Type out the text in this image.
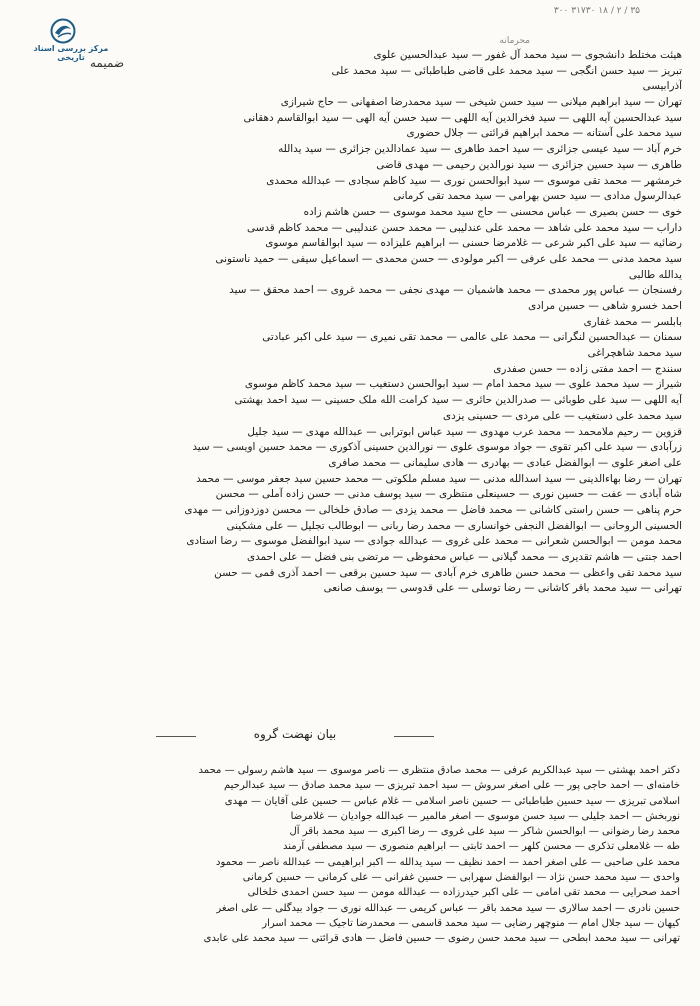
مرکز بررسی اسناد تاریخی
۳۵ / ۲ / ۱۸ ۳۱۷۳۰ ۳۰۰
محرمانه
ضمیمه
هیئت مختلط دانشجوی — سید محمد آل غفور — سید عبدالحسین علوی
تبریز — سید حسن انگجی — سید محمد علی قاضی طباطبائی — سید محمد علی
آذرابیسی
تهران — سید ابراهیم میلانی — سید حسن شیخی — سید محمدرضا اصفهانی — حاج شیرازی
سید عبدالحسین آیه اللهی — سید فخرالدین آیه اللهی — سید حسن آیه الهی — سید ابوالقاسم دهقانی
سید محمد علی آستانه — محمد ابراهیم قرائتی — جلال حضوری
خرم آباد — سید عیسی جزائری — سید احمد طاهری — سید عمادالدین جزائری — سید یدالله
طاهری — سید حسین جزائری — سید نورالدین رحیمی — مهدی قاضی
خرمشهر — محمد تقی موسوی — سید ابوالحسن نوری — سید کاظم سجادی — عبدالله محمدی
عبدالرسول مدادی — سید حسن بهرامی — سید محمد تقی کرمانی
خوی — حسن بصیری — عباس محسنی — حاج سید محمد موسوی — حسن هاشم زاده
داراب — سید محمد علی شاهد — محمد علی عندلیبی — محمد حسن عندلیبی — محمد کاظم قدسی
رضائیه — سید علی اکبر شرعی — غلامرضا حسنی — ابراهیم علیزاده — سید ابوالقاسم موسوی
سید محمد مدنی — محمد علی عرفی — اکبر مولودی — حسن محمدی — اسماعیل سیفی — حمید ناستونی
یدالله طالبی
رفسنجان — عباس پور محمدی — محمد هاشمیان — مهدی نجفی — محمد غروی — احمد محقق — سید
احمد خسرو شاهی — حسین مرادی
بابلسر — محمد غفاری
سمنان — عبدالحسین لنگرانی — محمد علی عالمی — محمد تقی نمیری — سید علی اکبر عبادتی
سید محمد شاهچراغی
سنندج — احمد مفتی زاده — حسن صفدری
شیراز — سید محمد علوی — سید محمد امام — سید ابوالحسن دستغیب — سید محمد کاظم موسوی
آیه اللهی — سید علی طوبائی — صدرالدین حائری — سید کرامت الله ملک حسینی — سید احمد بهشتی
سید محمد علی دستغیب — علی مردی — حسینی یزدی
قزوین — رحیم ملامحمد — محمد عرب مهدوی — سید عباس ابوترابی — عبدالله مهدی — سید جلیل
زرآبادی — سید علی اکبر تقوی — جواد موسوی علوی — نورالدین حسینی آذکوری — محمد حسین اویسی — سید
علی اصغر علوی — ابوالفضل عبادی — بهادری — هادی سلیمانی — محمد صافری
تهران — رضا بهاءالدینی — سید اسدالله مدنی — سید مسلم ملکوتی — محمد حسین سید جعفر موسی — محمد
شاه آبادی — عفت — حسین نوری — حسینعلی منتظری — سید یوسف مدنی — حسن زاده آملی — محسن
حرم پناهی — حسن راستی کاشانی — محمد فاضل — محمد یزدی — صادق خلخالی — محسن دوزدوزانی — مهدی
الحسینی الروحانی — ابوالفضل النجفی خوانساری — محمد رضا ربانی — ابوطالب تجلیل — علی مشکینی
محمد مومن — ابوالحسن شعرانی — محمد علی غروی — عبدالله جوادی — سید ابوالفضل موسوی — رضا استادی
احمد جنتی — هاشم تقدیری — محمد گیلانی — عباس محفوظی — مرتضی بنی فضل — علی احمدی
سید محمد تقی واعظی — محمد حسن طاهری خرم آبادی — سید حسین برقعی — احمد آذری قمی — حسن
تهرانی — سید محمد باقر کاشانی — رضا توسلی — علی قدوسی — یوسف صانعی
بیان نهضت گروه
دکتر احمد بهشتی — سید عبدالکریم عرفی — محمد صادق منتظری — ناصر موسوی — سید هاشم رسولی — محمد
خامنه‌ای — احمد حاجی پور — علی اصغر سروش — سید احمد تبریزی — سید محمد صادق — سید عبدالرحیم
اسلامی تبریزی — سید حسین طباطبائی — حسین ناصر اسلامی — غلام عباس — حسین علی آقایان — مهدی
نوربخش — احمد جلیلی — سید حسن موسوی — اصغر مالمیر — عبدالله جوادیان — غلامرضا
محمد رضا رضوانی — ابوالحسن شاکر — سید علی غروی — رضا اکبری — سید محمد باقر آل
طه — غلامعلی تذکری — محسن کلهر — احمد ثابتی — ابراهیم منصوری — سید مصطفی آرمند
محمد علی صاحبی — علی اصغر احمد — احمد نظیف — سید یدالله — اکبر ابراهیمی — عبدالله ناصر — محمود
واحدی — سید محمد حسن نژاد — ابوالفضل سهرابی — حسین غفرانی — علی کرمانی — حسین کرمانی
احمد صحرایی — محمد تقی امامی — علی اکبر حیدرزاده — عبدالله مومن — سید حسن احمدی خلخالی
حسین نادری — احمد سالاری — سید محمد باقر — عباس کریمی — عبدالله نوری — جواد بیدگلی — علی اصغر
کیهان — سید جلال امام — منوچهر رضایی — سید محمد قاسمی — محمدرضا تاجیک — محمد اسرار
تهرانی — سید محمد ابطحی — سید محمد حسن رضوی — حسین فاضل — هادی قرائتی — سید محمد علی عابدی
